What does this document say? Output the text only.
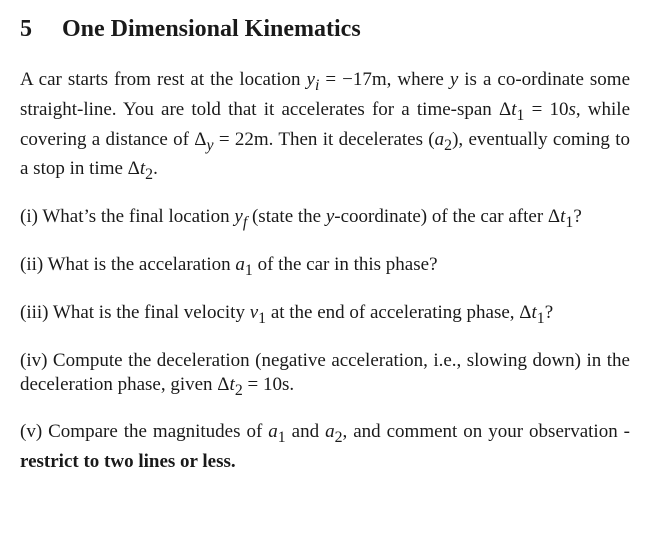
5	One Dimensional Kinematics

A car starts from rest at the location $y_i = -17m$, where y is a co-ordinate some straight-line. You are told that it accelerates for a time-span $\Delta t_1 = 10s$, while covering a distance of $\Delta_y = 22m$. Then it decelerates $(a_2)$, eventually coming to a stop in time $\Delta t_2$.

(i) What’s the final location $y_f$ (state the y-coordinate) of the car after $\Delta t_1$?

(ii) What is the accelaration $a_1$ of the car in this phase?

(iii) What is the final velocity $v_1$ at the end of accelerating phase, $\Delta t_1$?

(iv) Compute the deceleration (negative acceleration, i.e., slowing down) in the deceleration phase, given $\Delta t_2 = 10s$.

(v) Compare the magnitudes of $a_1$ and $a_2$, and comment on your observation - restrict to two lines or less.
